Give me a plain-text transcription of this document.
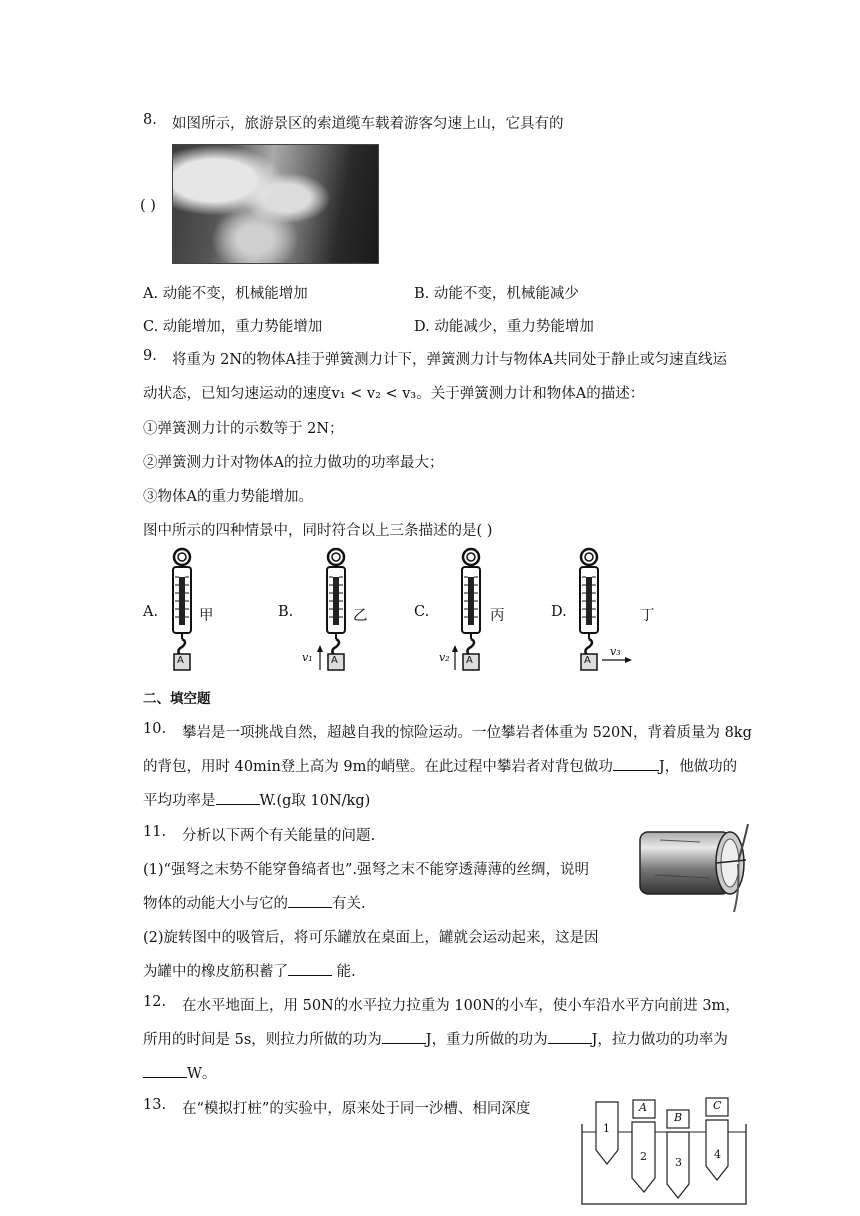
8. 如图所示，旅游景区的索道缆车载着游客匀速上山，它具有的
( )
A. 动能不变，机械能增加	B. 动能不变，机械能减少
C. 动能增加，重力势能增加	D. 动能减少，重力势能增加
9. 将重为 2N的物体A挂于弹簧测力计下，弹簧测力计与物体A共同处于静止或匀速直线运
动状态，已知匀速运动的速度v₁ < v₂ < v₃。关于弹簧测力计和物体A的描述：
①弹簧测力计的示数等于 2N；
②弹簧测力计对物体A的拉力做功的功率最大；
③物体A的重力势能增加。
图中所示的四种情景中，同时符合以上三条描述的是( )
A	A	A	A
v₁	v₂	v₃
A.	甲	B.	乙	C.	丙	D.	丁
二、填空题
10. 攀岩是一项挑战自然，超越自我的惊险运动。一位攀岩者体重为 520N，背着质量为 8kg
的背包，用时 40min登上高为 9m的峭壁。在此过程中攀岩者对背包做功	J，他做功的
平均功率是	W.(g取 10N/kg)
11. 分析以下两个有关能量的问题.
(1)“强弩之末势不能穿鲁缟者也”.强弩之末不能穿透薄薄的丝绸，说明
物体的动能大小与它的	有关.
(2)旋转图中的吸管后，将可乐罐放在桌面上，罐就会运动起来，这是因
为罐中的橡皮筋积蓄了	能.
12. 在水平地面上，用 50N的水平拉力拉重为 100N的小车，使小车沿水平方向前进 3m，
所用的时间是 5s，则拉力所做的功为	J，重力所做的功为	J，拉力做功的功率为
W。
13. 在“模拟打桩”的实验中，原来处于同一沙槽、相同深度	A
B
C
1
2	3
4
